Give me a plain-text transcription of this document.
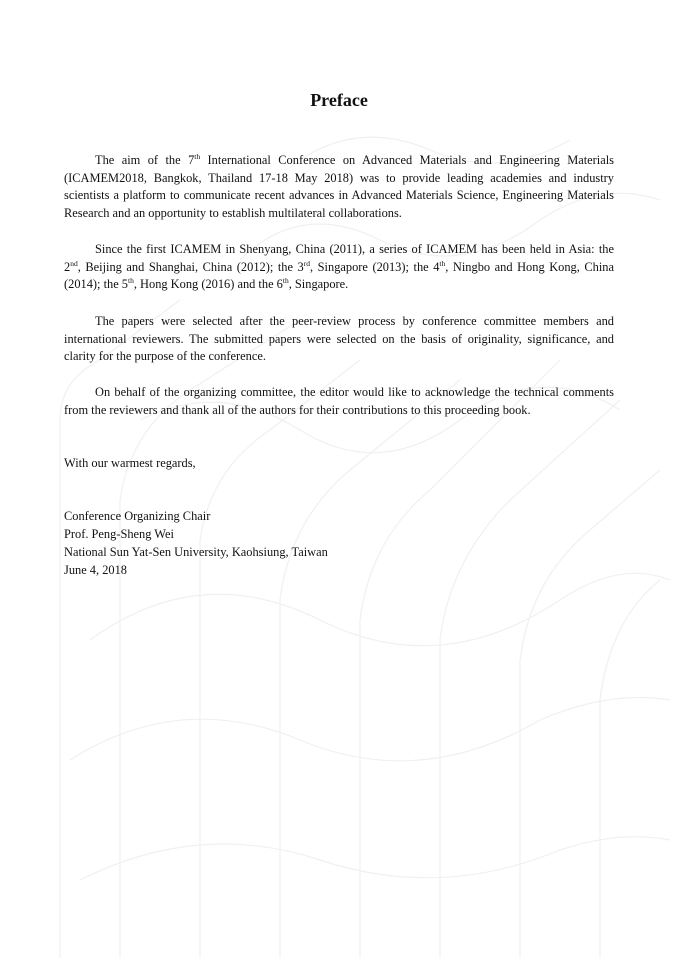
Preface
The aim of the 7th International Conference on Advanced Materials and Engineering Materials (ICAMEM2018, Bangkok, Thailand 17-18 May 2018) was to provide leading academies and industry scientists a platform to communicate recent advances in Advanced Materials Science, Engineering Materials Research and an opportunity to establish multilateral collaborations.
Since the first ICAMEM in Shenyang, China (2011), a series of ICAMEM has been held in Asia: the 2nd, Beijing and Shanghai, China (2012); the 3rd, Singapore (2013); the 4th, Ningbo and Hong Kong, China (2014); the 5th, Hong Kong (2016) and the 6th, Singapore.
The papers were selected after the peer-review process by conference committee members and international reviewers. The submitted papers were selected on the basis of originality, significance, and clarity for the purpose of the conference.
On behalf of the organizing committee, the editor would like to acknowledge the technical comments from the reviewers and thank all of the authors for their contributions to this proceeding book.
With our warmest regards,
Conference Organizing Chair
Prof. Peng-Sheng Wei
National Sun Yat-Sen University, Kaohsiung, Taiwan
June 4, 2018
